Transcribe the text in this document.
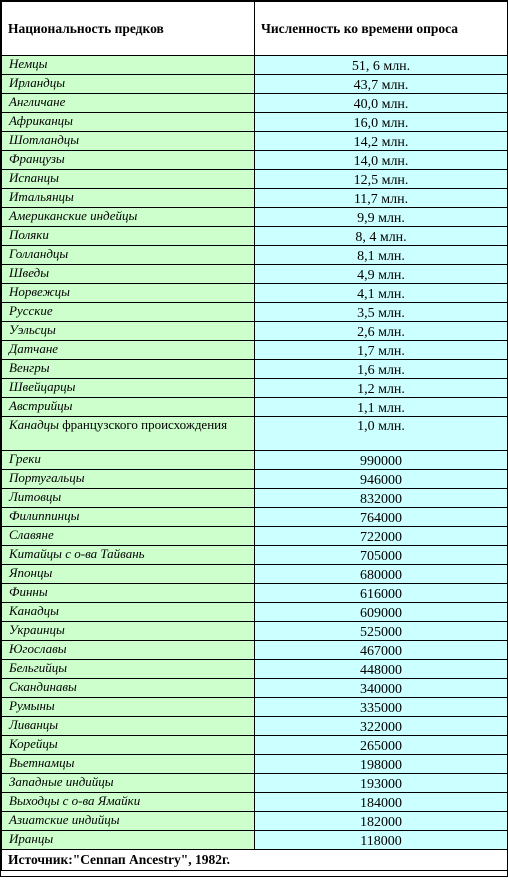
Национальность предков	Численность ко времени опроса
Немцы	51, 6 млн.
Ирландцы	43,7 млн.
Англичане	40,0 млн.
Африканцы	16,0 млн.
Шотландцы	14,2 млн.
Французы	14,0 млн.
Испанцы	12,5 млн.
Итальянцы	11,7 млн.
Американские индейцы	9,9 млн.
Поляки	8, 4 млн.
Голландцы	8,1 млн.
Шведы	4,9 млн.
Норвежцы	4,1 млн.
Русские	3,5 млн.
Уэльсцы	2,6 млн.
Датчане	1,7 млн.
Венгры	1,6 млн.
Швейцарцы	1,2 млн.
Австрийцы	1,1 млн.
Канадцы французского происхождения	1,0 млн.
Греки	990000
Португальцы	946000
Литовцы	832000
Филиппинцы	764000
Славяне	722000
Китайцы с о-ва Тайвань	705000
Японцы	680000
Финны	616000
Канадцы	609000
Украинцы	525000
Югославы	467000
Бельгийцы	448000
Скандинавы	340000
Румыны	335000
Ливанцы	322000
Корейцы	265000
Вьетнамцы	198000
Западные индийцы	193000
Выходцы с о-ва Ямайки	184000
Азиатские индийцы	182000
Иранцы	118000
Источник:"Cenпап Ancestry", 1982г.	
